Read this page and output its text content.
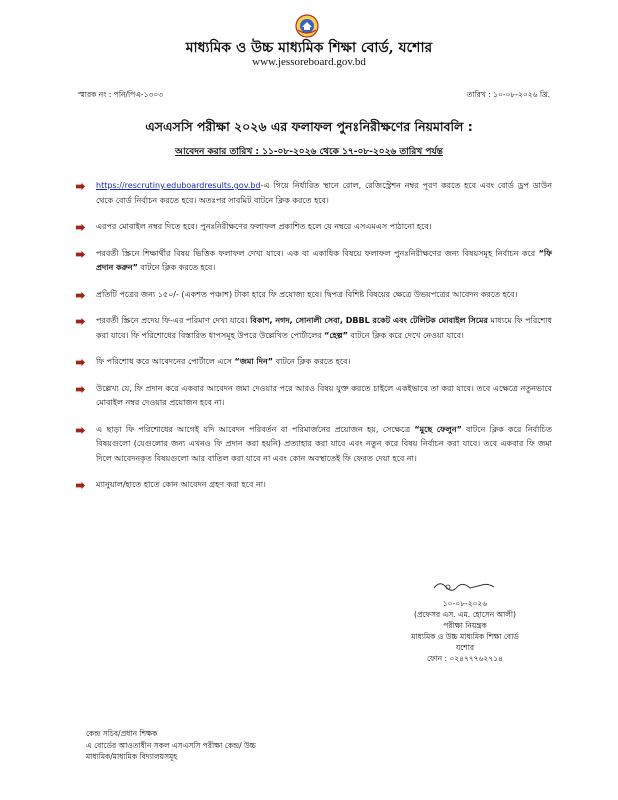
মাধ্যমিক ও উচ্চ মাধ্যমিক শিক্ষা বোর্ড, যশোর
www.jessoreboard.gov.bd
স্মারক নং : পনি/পিএ-১৩০৩	তারিখ : ১০-০৮-২০২৬ খ্রি.
এসএসসি পরীক্ষা ২০২৬ এর ফলাফল পুনঃনিরীক্ষণের নিয়মাবলি :
আবেদন করার তারিখ : ১১-০৮-২০২৬ থেকে ১৭-০৮-২০২৬ তারিখ পর্যন্ত
https://rescrutiny.eduboardresults.gov.bd-এ গিয়ে নির্ধারিত স্থানে রোল, রেজিস্ট্রেশন নম্বর পূরণ করতে হবে এবং বোর্ড ড্রপ ডাউন থেকে বোর্ড নির্বাচন করতে হবে। অতঃপর সাবমিট বাটনে ক্লিক করতে হবে।
এরপর মোবাইল নম্বর দিতে হবে। পুনঃনিরীক্ষণের ফলাফল প্রকাশিত হলে যে নম্বরে এসএমএস পাঠানো হবে।
পরবর্তী স্ক্রিনে শিক্ষার্থীর বিষয় ভিত্তিক ফলাফল দেখা যাবে। এক বা একাধিক বিষয়ে ফলাফল পুনঃনিরীক্ষণের জন্য বিষয়সমূহ নির্বাচন করে “ফি প্রদান করুন” বাটনে ক্লিক করতে হবে।
প্রতিটি পত্রের জন্য ১৫০/- (একশত পঞ্চাশ) টাকা হারে ফি প্রযোজ্য হবে। দ্বিপত্র বিশিষ্ট বিষয়ের ক্ষেত্রে উভয়পত্রের আবেদন করতে হবে।
পরবর্তী স্ক্রিনে প্রদেয় ফি-এর পরিমাণ দেখা যাবে। বিকাশ, নগদ, সোনালী সেবা, DBBL রকেট এবং টেলিটক মোবাইল সিমের মাধ্যমে ফি পরিশোধ করা যাবে। ফি পরিশোধের বিস্তারিত ধাপসমূহ উপরে উল্লেখিত পোর্টালের “হেল্প” বাটনে ক্লিক করে দেখে নেওয়া যাবে।
ফি পরিশোধ করে আবেদনের পোর্টালে এসে “জমা দিন” বাটনে ক্লিক করতে হবে।
উল্লেখ্য যে, ফি প্রদান করে একবার আবেদন জমা দেওয়ার পরে আরও বিষয় যুক্ত করতে চাইলে একইভাবে তা করা যাবে। তবে এক্ষেত্রে নতুনভাবে মোবাইল নম্বর দেওয়ার প্রয়োজন হবে না।
এ ছাড়া ফি পরিশোধের আগেই যদি আবেদন পরিবর্তন বা পরিমার্জনের প্রয়োজন হয়, সেক্ষেত্রে “মুছে ফেলুন” বাটনে ক্লিক করে নির্বাচিত বিষয়গুলো (যেগুলোর জন্য এখনও ফি প্রদান করা হয়নি) প্রত্যাহার করা যাবে এবং নতুন করে বিষয় নির্বাচন করা যাবে। তবে একবার ফি জমা দিলে আবেদনকৃত বিষয়গুলো আর বাতিল করা যাবে না এবং কোন অবস্থাতেই ফি ফেরত দেয়া হবে না।
ম্যানুয়াল/হাতে হাতে কোন আবেদন গ্রহণ করা হবে না।
১০-০৮-২০২৬
(প্রফেসর এস. এম. হোসেন আলী)
পরীক্ষা নিয়ন্ত্রক
মাধ্যমিক ও উচ্চ মাধ্যমিক শিক্ষা বোর্ড
যশোর
ফোন : ০২৪৭৭৭৬২৭১৪
কেন্দ্র সচিব/প্রধান শিক্ষক
এ বোর্ডের আওতাধীন সকল এসএসসি পরীক্ষা কেন্দ্র/ উচ্চ
মাধ্যমিক/মাধ্যমিক বিদ্যালয়সমূহ
